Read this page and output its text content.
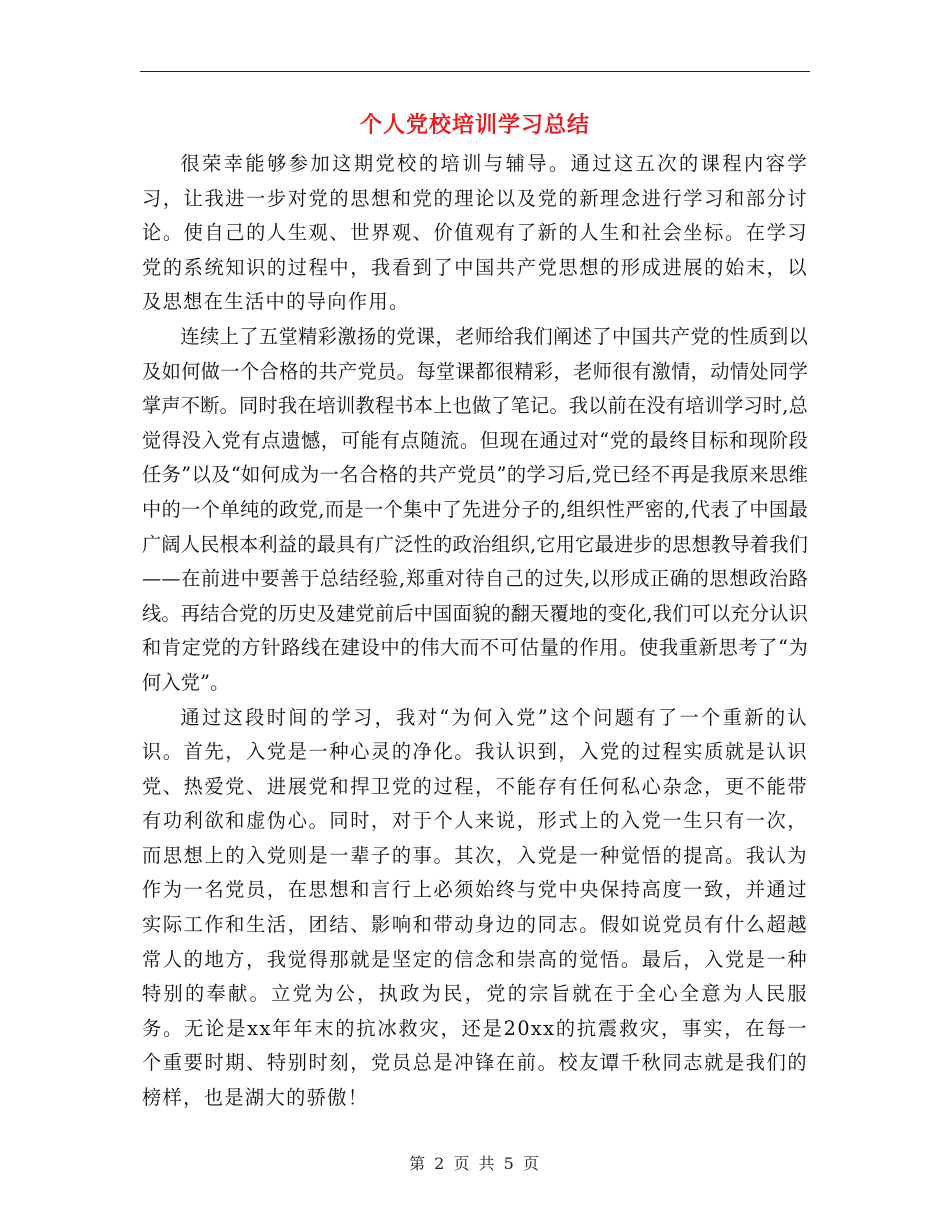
个人党校培训学习总结

很荣幸能够参加这期党校的培训与辅导。通过这五次的课程内容学习，让我进一步对党的思想和党的理论以及党的新理念进行学习和部分讨论。使自己的人生观、世界观、价值观有了新的人生和社会坐标。在学习党的系统知识的过程中，我看到了中国共产党思想的形成进展的始末，以及思想在生活中的导向作用。

连续上了五堂精彩激扬的党课，老师给我们阐述了中国共产党的性质到以及如何做一个合格的共产党员。每堂课都很精彩，老师很有激情，动情处同学掌声不断。同时我在培训教程书本上也做了笔记。我以前在没有培训学习时,总觉得没入党有点遗憾，可能有点随流。但现在通过对“党的最终目标和现阶段任务”以及“如何成为一名合格的共产党员”的学习后,党已经不再是我原来思维中的一个单纯的政党,而是一个集中了先进分子的,组织性严密的,代表了中国最广阔人民根本利益的最具有广泛性的政治组织,它用它最进步的思想教导着我们——在前进中要善于总结经验,郑重对待自己的过失,以形成正确的思想政治路线。再结合党的历史及建党前后中国面貌的翻天覆地的变化,我们可以充分认识和肯定党的方针路线在建设中的伟大而不可估量的作用。使我重新思考了“为何入党”。

通过这段时间的学习，我对“为何入党”这个问题有了一个重新的认识。首先，入党是一种心灵的净化。我认识到，入党的过程实质就是认识党、热爱党、进展党和捍卫党的过程，不能存有任何私心杂念，更不能带有功利欲和虚伪心。同时，对于个人来说，形式上的入党一生只有一次，而思想上的入党则是一辈子的事。其次，入党是一种觉悟的提高。我认为作为一名党员，在思想和言行上必须始终与党中央保持高度一致，并通过实际工作和生活，团结、影响和带动身边的同志。假如说党员有什么超越常人的地方，我觉得那就是坚定的信念和崇高的觉悟。最后，入党是一种特别的奉献。立党为公，执政为民，党的宗旨就在于全心全意为人民服务。无论是xx年年末的抗冰救灾，还是20xx的抗震救灾，事实，在每一个重要时期、特别时刻，党员总是冲锋在前。校友谭千秋同志就是我们的榜样，也是湖大的骄傲！

第 2 页 共 5 页
